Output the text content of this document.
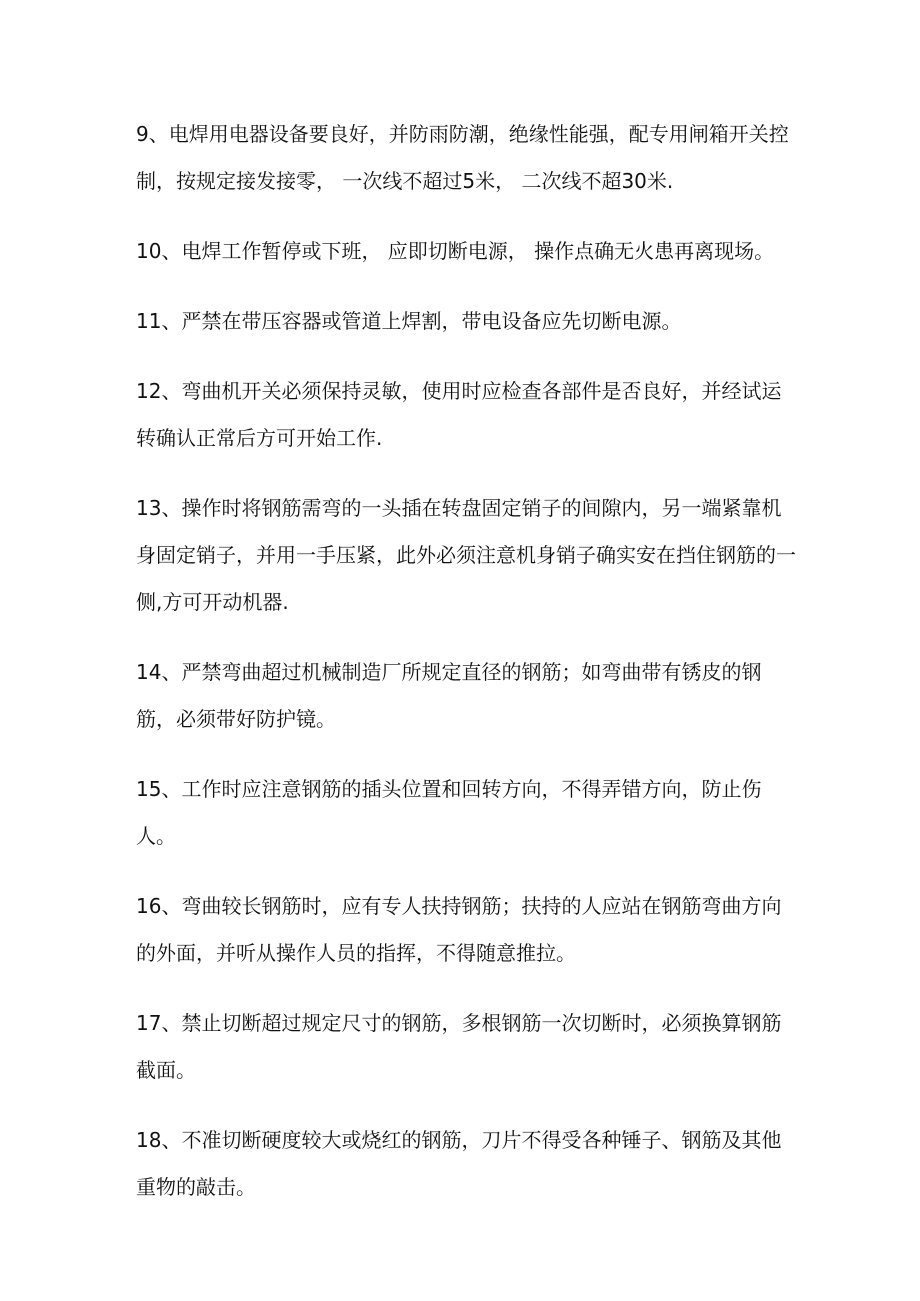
9、电焊用电器设备要良好，并防雨防潮，绝缘性能强，配专用闸箱开关控制，按规定接发接零， 一次线不超过5米， 二次线不超30米.

10、电焊工作暂停或下班， 应即切断电源， 操作点确无火患再离现场。

11、严禁在带压容器或管道上焊割，带电设备应先切断电源。

12、弯曲机开关必须保持灵敏，使用时应检查各部件是否良好，并经试运转确认正常后方可开始工作.

13、操作时将钢筋需弯的一头插在转盘固定销子的间隙内，另一端紧靠机身固定销子，并用一手压紧，此外必须注意机身销子确实安在挡住钢筋的一侧,方可开动机器.

14、严禁弯曲超过机械制造厂所规定直径的钢筋；如弯曲带有锈皮的钢筋，必须带好防护镜。

15、工作时应注意钢筋的插头位置和回转方向，不得弄错方向，防止伤人。

16、弯曲较长钢筋时，应有专人扶持钢筋；扶持的人应站在钢筋弯曲方向的外面，并听从操作人员的指挥，不得随意推拉。

17、禁止切断超过规定尺寸的钢筋，多根钢筋一次切断时，必须换算钢筋截面。

18、不准切断硬度较大或烧红的钢筋，刀片不得受各种锤子、钢筋及其他重物的敲击。
